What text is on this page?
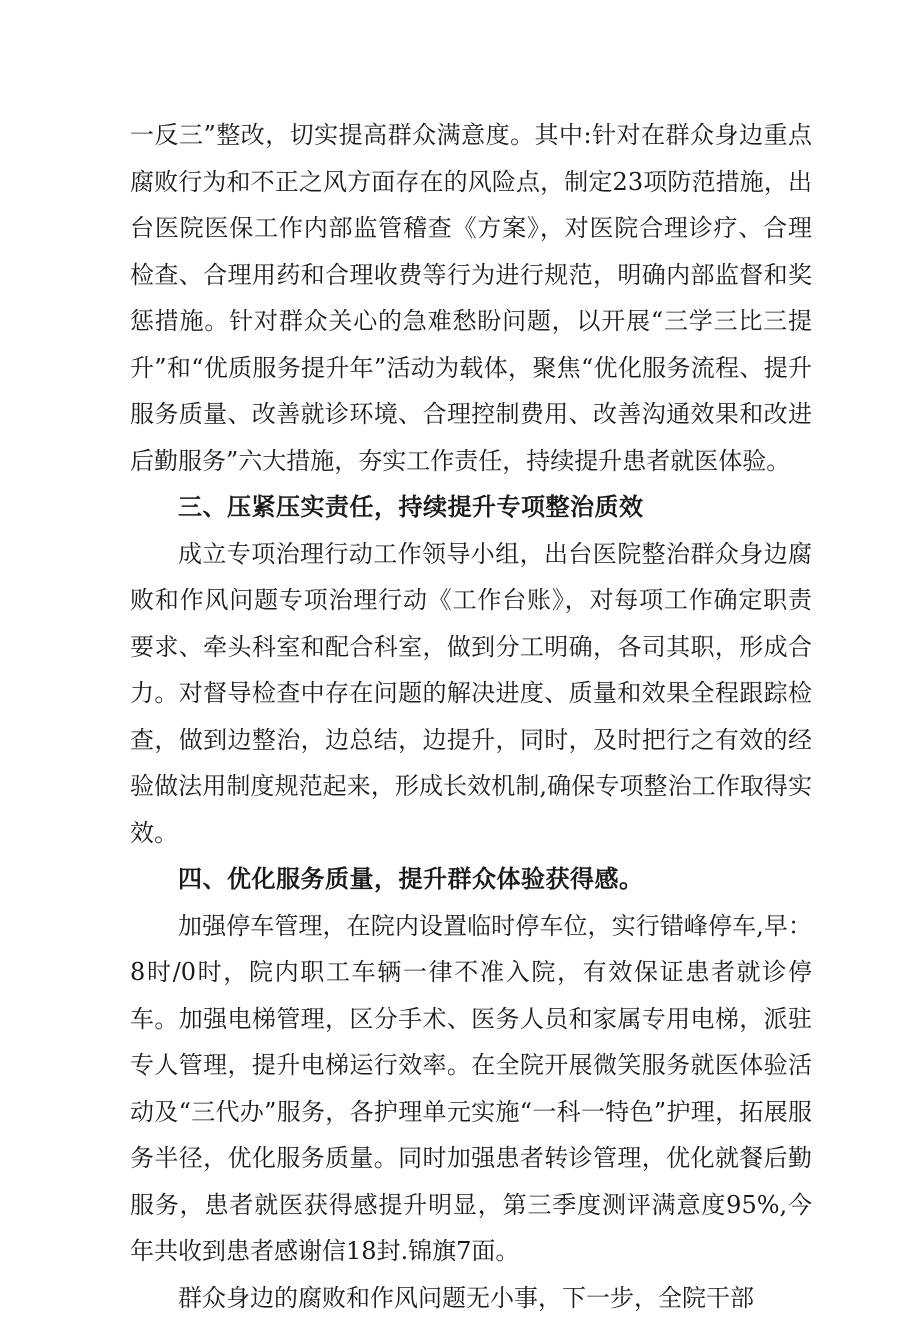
一反三”整改，切实提高群众满意度。其中:针对在群众身边重点腐败行为和不正之风方面存在的风险点，制定23项防范措施，出台医院医保工作内部监管稽查《方案》，对医院合理诊疗、合理检查、合理用药和合理收费等行为进行规范，明确内部监督和奖惩措施。针对群众关心的急难愁盼问题，以开展“三学三比三提升”和“优质服务提升年”活动为载体，聚焦“优化服务流程、提升服务质量、改善就诊环境、合理控制费用、改善沟通效果和改进后勤服务”六大措施，夯实工作责任，持续提升患者就医体验。

三、压紧压实责任，持续提升专项整治质效

成立专项治理行动工作领导小组，出台医院整治群众身边腐败和作风问题专项治理行动《工作台账》，对每项工作确定职责要求、牵头科室和配合科室，做到分工明确，各司其职，形成合力。对督导检查中存在问题的解决进度、质量和效果全程跟踪检查，做到边整治，边总结，边提升，同时，及时把行之有效的经验做法用制度规范起来，形成长效机制,确保专项整治工作取得实效。

四、优化服务质量，提升群众体验获得感。

加强停车管理，在院内设置临时停车位，实行错峰停车,早：8时/0时，院内职工车辆一律不准入院，有效保证患者就诊停车。加强电梯管理，区分手术、医务人员和家属专用电梯，派驻专人管理，提升电梯运行效率。在全院开展微笑服务就医体验活动及“三代办”服务，各护理单元实施“一科一特色”护理，拓展服务半径，优化服务质量。同时加强患者转诊管理，优化就餐后勤服务，患者就医获得感提升明显，第三季度测评满意度95%,今年共收到患者感谢信18封.锦旗7面。

群众身边的腐败和作风问题无小事，下一步，全院干部
